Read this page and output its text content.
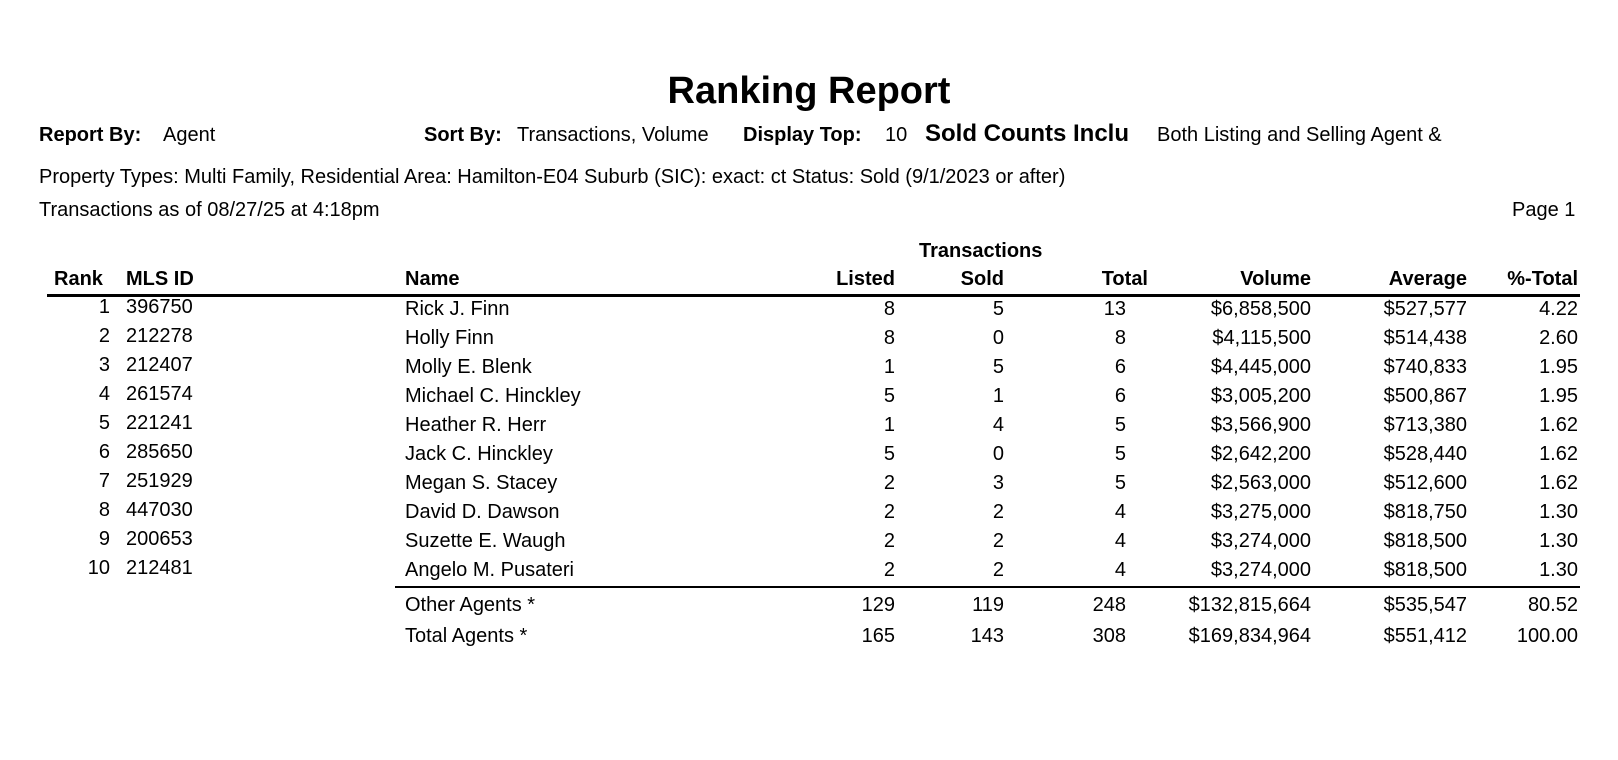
Ranking Report
Report By: Agent	Sort By: Transactions, Volume Display Top: 10 Sold Counts Inclu	Both Listing and Selling Agent &
Property Types: Multi Family, Residential Area: Hamilton-E04 Suburb (SIC): exact: ct Status: Sold (9/1/2023 or after)
Transactions as of 08/27/25 at 4:18pm	Page 1
Transactions
Rank MLS ID	Name	Listed	Sold	Total	Volume	Average	%-Total
1 396750	Rick J. Finn	8	5	13	$6,858,500	$527,577	4.22
2 212278	Holly Finn	8	0	8	$4,115,500	$514,438	2.60
3 212407	Molly E. Blenk	1	5	6	$4,445,000	$740,833	1.95
4 261574	Michael C. Hinckley	5	1	6	$3,005,200	$500,867	1.95
5 221241	Heather R. Herr	1	4	5	$3,566,900	$713,380	1.62
6 285650	Jack C. Hinckley	5	0	5	$2,642,200	$528,440	1.62
7 251929	Megan S. Stacey	2	3	5	$2,563,000	$512,600	1.62
8 447030	David D. Dawson	2	2	4	$3,275,000	$818,750	1.30
9 200653	Suzette E. Waugh	2	2	4	$3,274,000	$818,500	1.30
10 212481	Angelo M. Pusateri	2	2	4	$3,274,000	$818,500	1.30
Other Agents *	129	119	248	$132,815,664	$535,547	80.52
Total Agents *	165	143	308	$169,834,964	$551,412	100.00
